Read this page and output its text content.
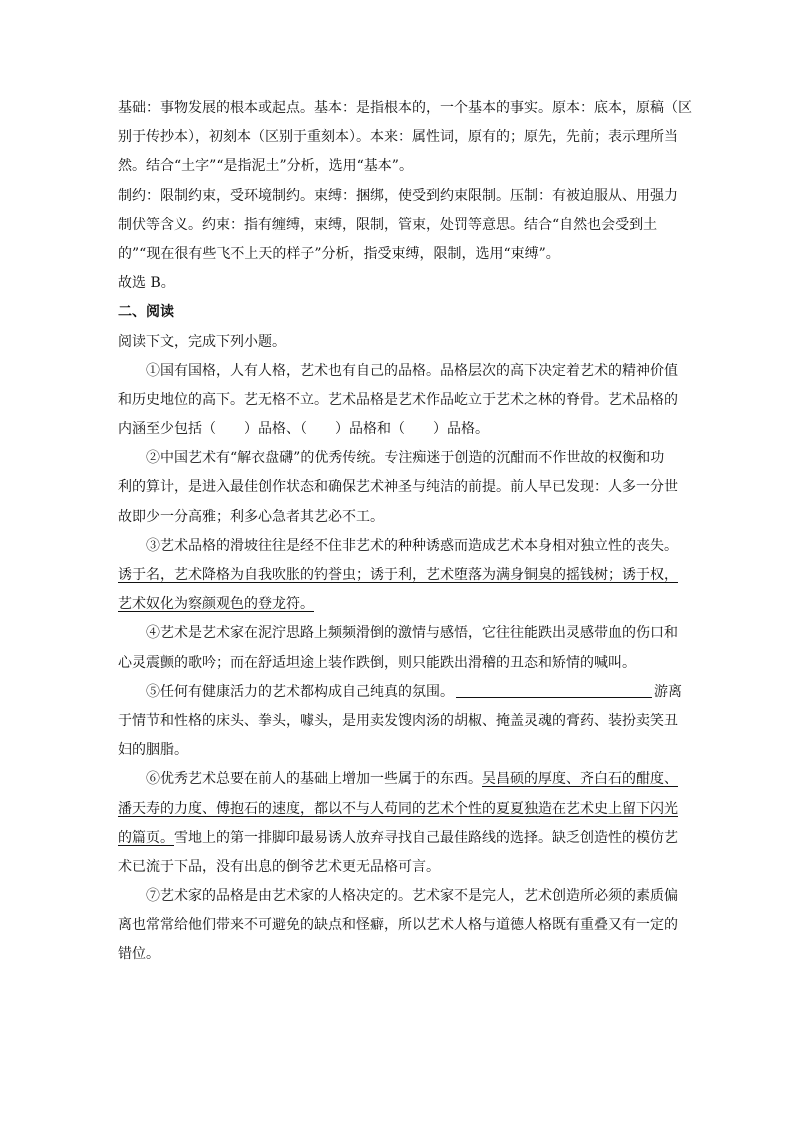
基础：事物发展的根本或起点。基本：是指根本的，一个基本的事实。原本：底本，原稿（区
别于传抄本），初刻本（区别于重刻本）。本来：属性词，原有的；原先，先前；表示理所当
然。结合“土字”“是指泥土”分析，选用“基本”。
制约：限制约束，受环境制约。束缚：捆绑，使受到约束限制。压制：有被迫服从、用强力
制伏等含义。约束：指有缠缚，束缚，限制，管束，处罚等意思。结合“自然也会受到土
的”“现在很有些飞不上天的样子”分析，指受束缚，限制，选用“束缚”。
故选 B。
二、阅读
阅读下文，完成下列小题。
①国有国格，人有人格，艺术也有自己的品格。品格层次的高下决定着艺术的精神价值
和历史地位的高下。艺无格不立。艺术品格是艺术作品屹立于艺术之林的脊骨。艺术品格的
内涵至少包括（　　）品格、（　　）品格和（　　）品格。
②中国艺术有“解衣盘礴”的优秀传统。专注痴迷于创造的沉酣而不作世故的权衡和功
利的算计，是进入最佳创作状态和确保艺术神圣与纯洁的前提。前人早已发现：人多一分世
故即少一分高雅；利多心急者其艺必不工。
③艺术品格的滑坡往往是经不住非艺术的种种诱惑而造成艺术本身相对独立性的丧失。
诱于名，艺术降格为自我吹胀的钓誉虫；诱于利，艺术堕落为满身铜臭的摇钱树；诱于权，
艺术奴化为察颜观色的登龙符。
④艺术是艺术家在泥泞思路上频频滑倒的激情与感悟，它往往能跌出灵感带血的伤口和
心灵震颤的歌吟；而在舒适坦途上装作跌倒，则只能跌出滑稽的丑态和矫情的喊叫。
⑤任何有健康活力的艺术都构成自己纯真的氛围。	游离
于情节和性格的床头、拳头，噱头，是用卖发馊肉汤的胡椒、掩盖灵魂的膏药、装扮卖笑丑
妇的胭脂。
⑥优秀艺术总要在前人的基础上增加一些属于的东西。吴昌硕的厚度、齐白石的酣度、
潘天寿的力度、傅抱石的速度，都以不与人苟同的艺术个性的夏夏独造在艺术史上留下闪光
的篇页。雪地上的第一排脚印最易诱人放弃寻找自己最佳路线的选择。缺乏创造性的模仿艺
术已流于下品，没有出息的倒爷艺术更无品格可言。
⑦艺术家的品格是由艺术家的人格决定的。艺术家不是完人，艺术创造所必须的素质偏
离也常常给他们带来不可避免的缺点和怪癖，所以艺术人格与道德人格既有重叠又有一定的
错位。
